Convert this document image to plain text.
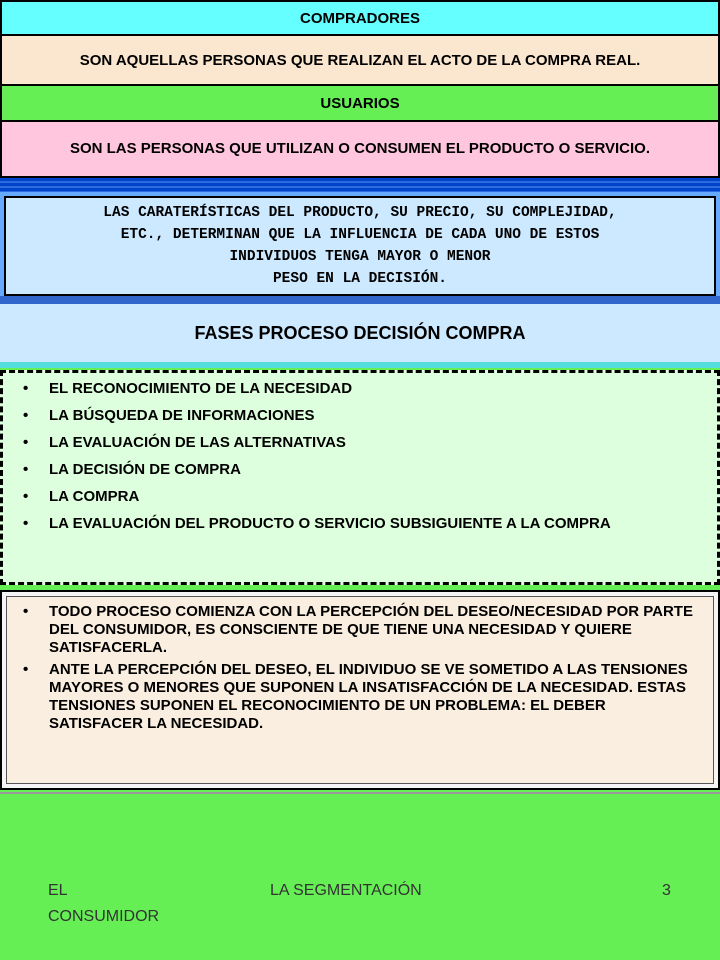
COMPRADORES
SON AQUELLAS PERSONAS QUE REALIZAN EL ACTO DE LA COMPRA REAL.
USUARIOS
SON LAS PERSONAS QUE UTILIZAN O CONSUMEN EL PRODUCTO O SERVICIO.
LAS CARATERÍSTICAS DEL PRODUCTO, SU PRECIO, SU COMPLEJIDAD,
ETC., DETERMINAN QUE LA INFLUENCIA DE CADA UNO DE ESTOS
INDIVIDUOS TENGA MAYOR O MENOR
PESO EN LA DECISIÓN.
FASES PROCESO DECISIÓN COMPRA
• EL RECONOCIMIENTO DE LA NECESIDAD
• LA BÚSQUEDA DE INFORMACIONES
• LA EVALUACIÓN DE LAS ALTERNATIVAS
• LA DECISIÓN DE COMPRA
• LA COMPRA
• LA EVALUACIÓN DEL PRODUCTO O SERVICIO SUBSIGUIENTE A LA COMPRA
• TODO PROCESO COMIENZA CON LA PERCEPCIÓN DEL DESEO/NECESIDAD POR PARTE DEL CONSUMIDOR, ES CONSCIENTE DE QUE TIENE UNA NECESIDAD Y QUIERE SATISFACERLA.
• ANTE LA PERCEPCIÓN DEL DESEO, EL INDIVIDUO SE VE SOMETIDO A LAS TENSIONES MAYORES O MENORES QUE SUPONEN LA INSATISFACCIÓN DE LA NECESIDAD. ESTAS TENSIONES SUPONEN EL RECONOCIMIENTO DE UN PROBLEMA: EL DEBER SATISFACER LA NECESIDAD.
EL CONSUMIDOR
LA SEGMENTACIÓN	3
